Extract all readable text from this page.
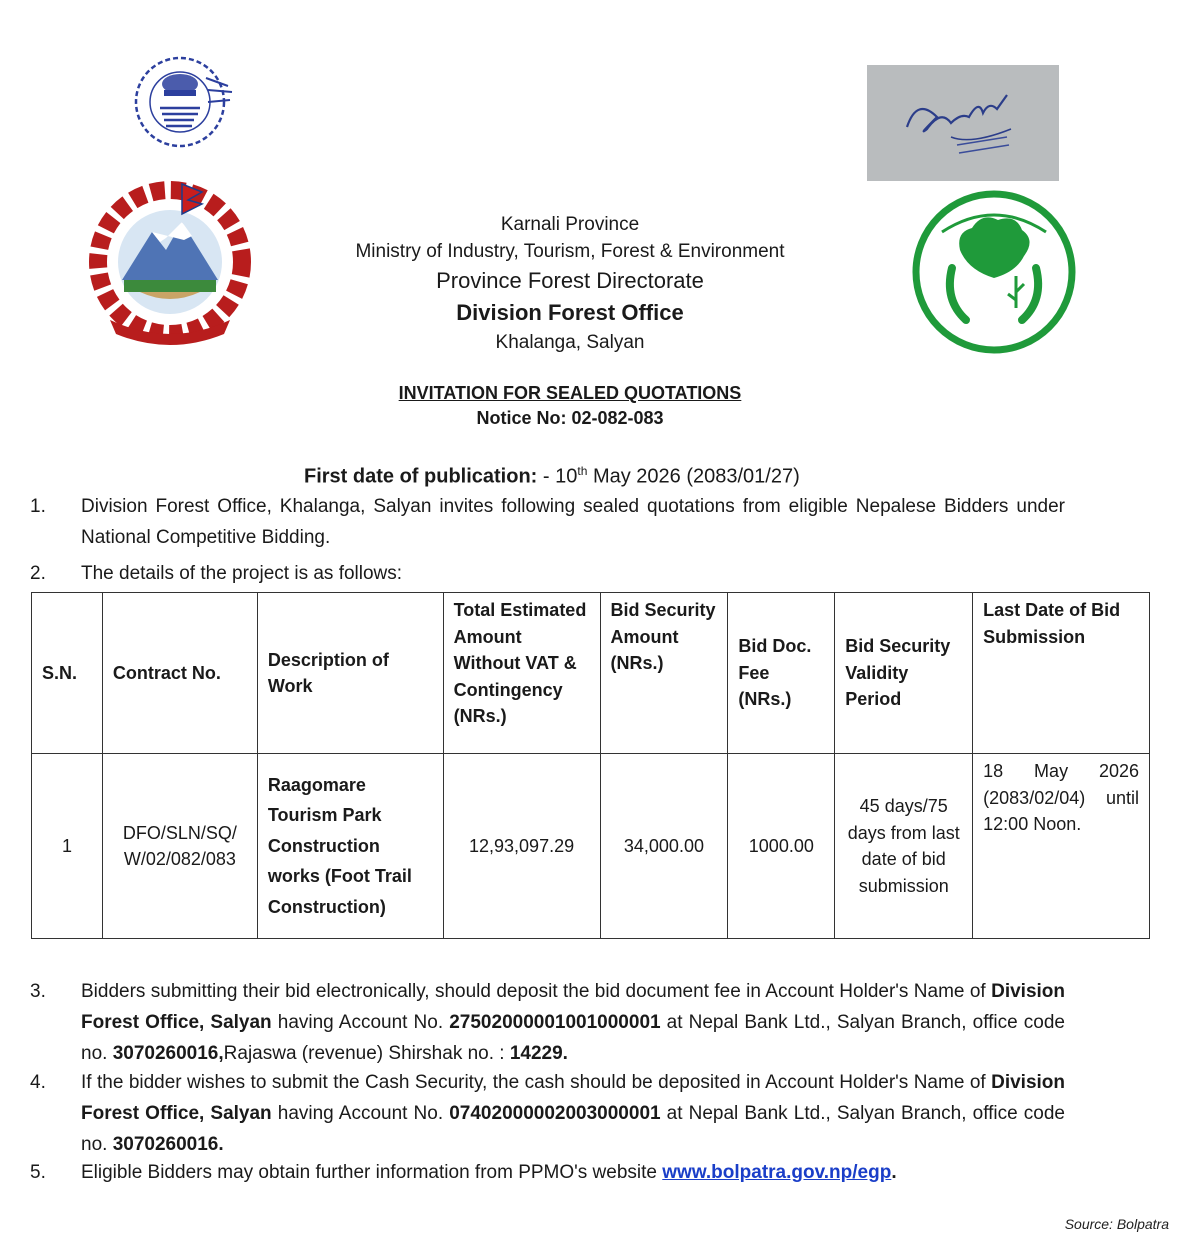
Karnali Province
Ministry of Industry, Tourism, Forest & Environment
Province Forest Directorate
Division Forest Office
Khalanga, Salyan
INVITATION FOR SEALED QUOTATIONS
Notice No: 02-082-083
First date of publication: - 10th May 2026 (2083/01/27)
1.	Division Forest Office, Khalanga, Salyan invites following sealed quotations from eligible Nepalese Bidders under National Competitive Bidding.
2.	The details of the project is as follows:
S.N.	Contract No.	Description of Work	Total Estimated Amount Without VAT & Contingency (NRs.)	Bid Security Amount (NRs.)	Bid Doc. Fee (NRs.)	Bid Security Validity Period	Last Date of Bid Submission
1	DFO/SLN/SQ/ W/02/082/083	Raagomare Tourism Park Construction works (Foot Trail Construction)	12,93,097.29	34,000.00	1000.00	45 days/75 days from last date of bid submission	18 May 2026 (2083/02/04) until 12:00 Noon.
3.	Bidders submitting their bid electronically, should deposit the bid document fee in Account Holder's Name of Division Forest Office, Salyan having Account No. 27502000001001000001 at Nepal Bank Ltd., Salyan Branch, office code no. 3070260016,Rajaswa (revenue) Shirshak no. : 14229.
4.	If the bidder wishes to submit the Cash Security, the cash should be deposited in Account Holder's Name of Division Forest Office, Salyan having Account No. 07402000002003000001 at Nepal Bank Ltd., Salyan Branch, office code no. 3070260016.
5.	Eligible Bidders may obtain further information from PPMO's website www.bolpatra.gov.np/egp.
Source: Bolpatra
